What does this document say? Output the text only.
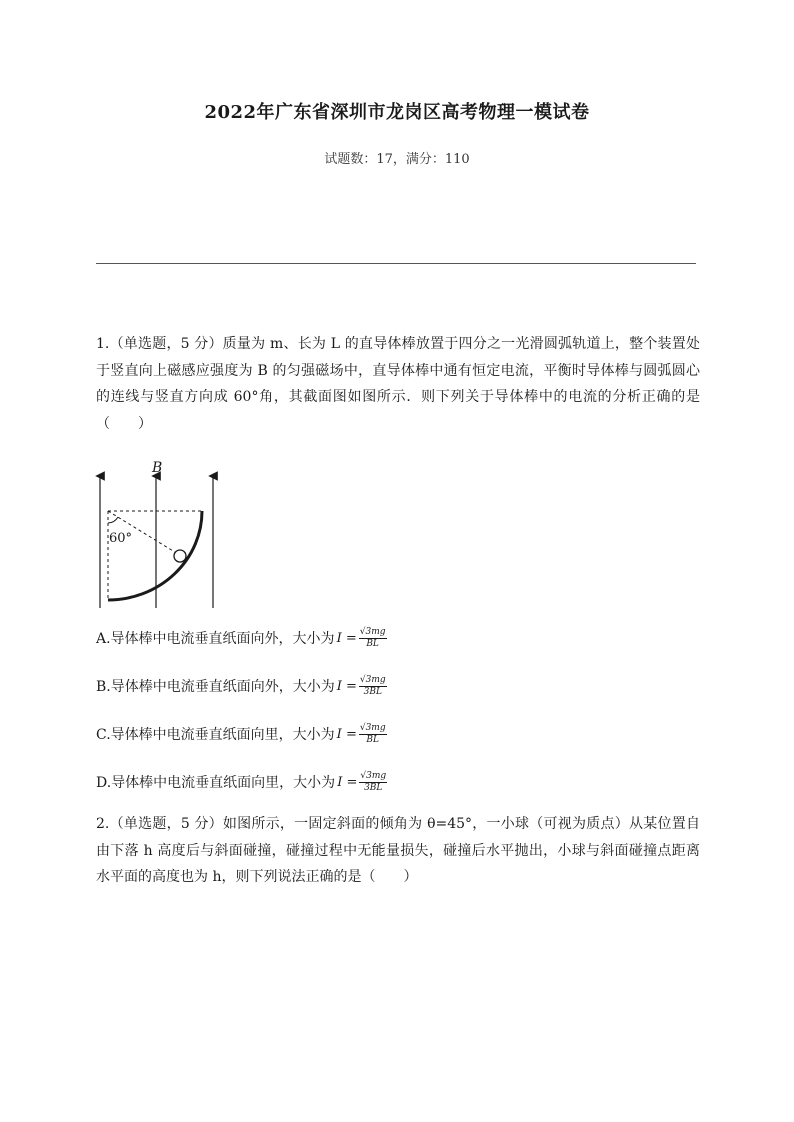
2022年广东省深圳市龙岗区高考物理一模试卷
试题数：17，满分：110
1.（单选题，5 分）质量为 m、长为 L 的直导体棒放置于四分之一光滑圆弧轨道上，整个装置处于竖直向上磁感应强度为 B 的匀强磁场中，直导体棒中通有恒定电流，平衡时导体棒与圆弧圆心的连线与竖直方向成 60°角，其截面图如图所示．则下列关于导体棒中的电流的分析正确的是（　　）
B
60°
A.导体棒中电流垂直纸面向外，大小为 $I = \frac{√3mg}{BL}$
B.导体棒中电流垂直纸面向外，大小为 $I = \frac{√3mg}{3BL}$
C.导体棒中电流垂直纸面向里，大小为 $I = \frac{√3mg}{BL}$
D.导体棒中电流垂直纸面向里，大小为 $I = \frac{√3mg}{3BL}$
2.（单选题，5 分）如图所示，一固定斜面的倾角为 θ=45°，一小球（可视为质点）从某位置自由下落 h 高度后与斜面碰撞，碰撞过程中无能量损失，碰撞后水平抛出，小球与斜面碰撞点距离水平面的高度也为 h，则下列说法正确的是（　　）
